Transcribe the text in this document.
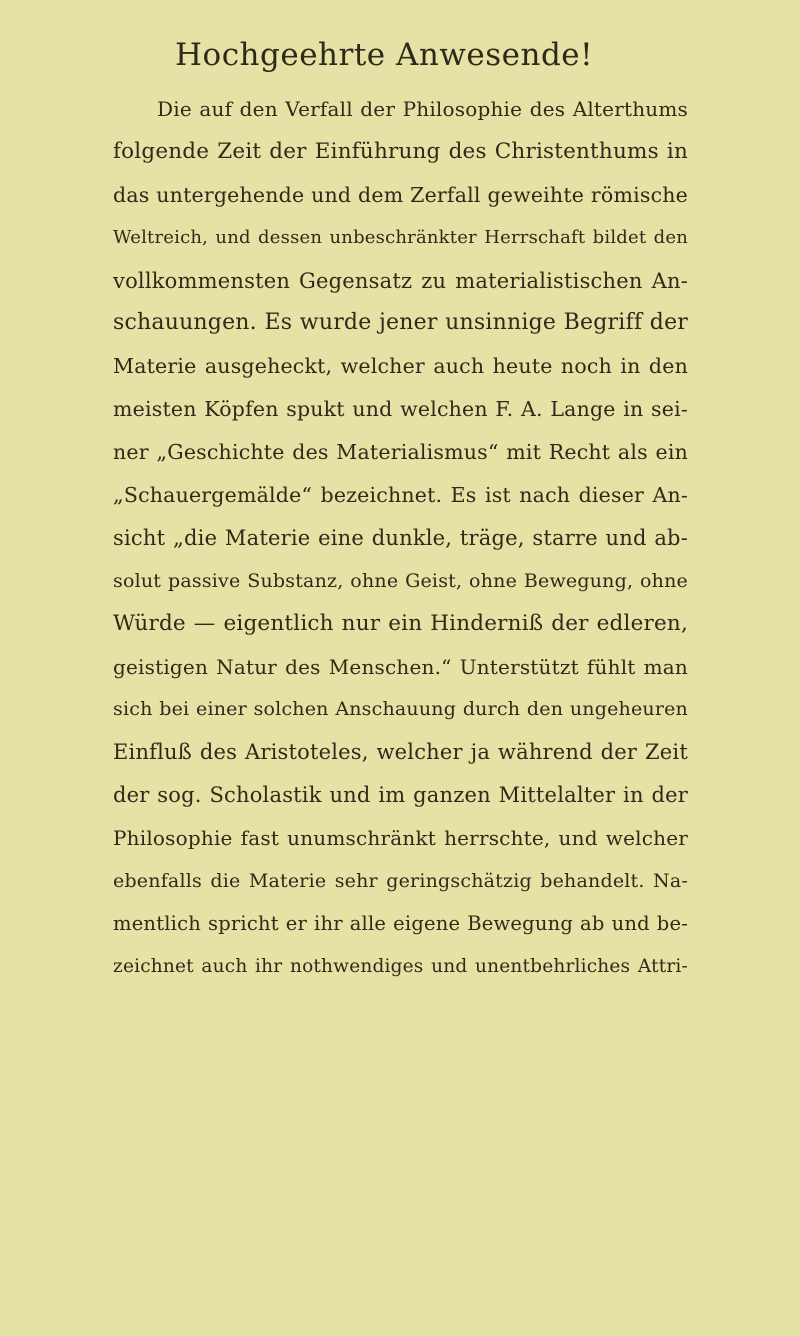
Hochgeehrte Anwesende!
Die auf den Verfall der Philosophie des Alterthums
folgende Zeit der Einführung des Christenthums in
das untergehende und dem Zerfall geweihte römische
Weltreich, und dessen unbeschränkter Herrschaft bildet den
vollkommensten Gegensatz zu materialistischen An-
schauungen. Es wurde jener unsinnige Begriff der
Materie ausgeheckt, welcher auch heute noch in den
meisten Köpfen spukt und welchen F. A. Lange in sei-
ner „Geschichte des Materialismus“ mit Recht als ein
„Schauergemälde“ bezeichnet. Es ist nach dieser An-
sicht „die Materie eine dunkle, träge, starre und ab-
solut passive Substanz, ohne Geist, ohne Bewegung, ohne
Würde — eigentlich nur ein Hinderniß der edleren,
geistigen Natur des Menschen.“ Unterstützt fühlt man
sich bei einer solchen Anschauung durch den ungeheuren
Einfluß des Aristoteles, welcher ja während der Zeit
der sog. Scholastik und im ganzen Mittelalter in der
Philosophie fast unumschränkt herrschte, und welcher
ebenfalls die Materie sehr geringschätzig behandelt. Na-
mentlich spricht er ihr alle eigene Bewegung ab und be-
zeichnet auch ihr nothwendiges und unentbehrliches Attri-
